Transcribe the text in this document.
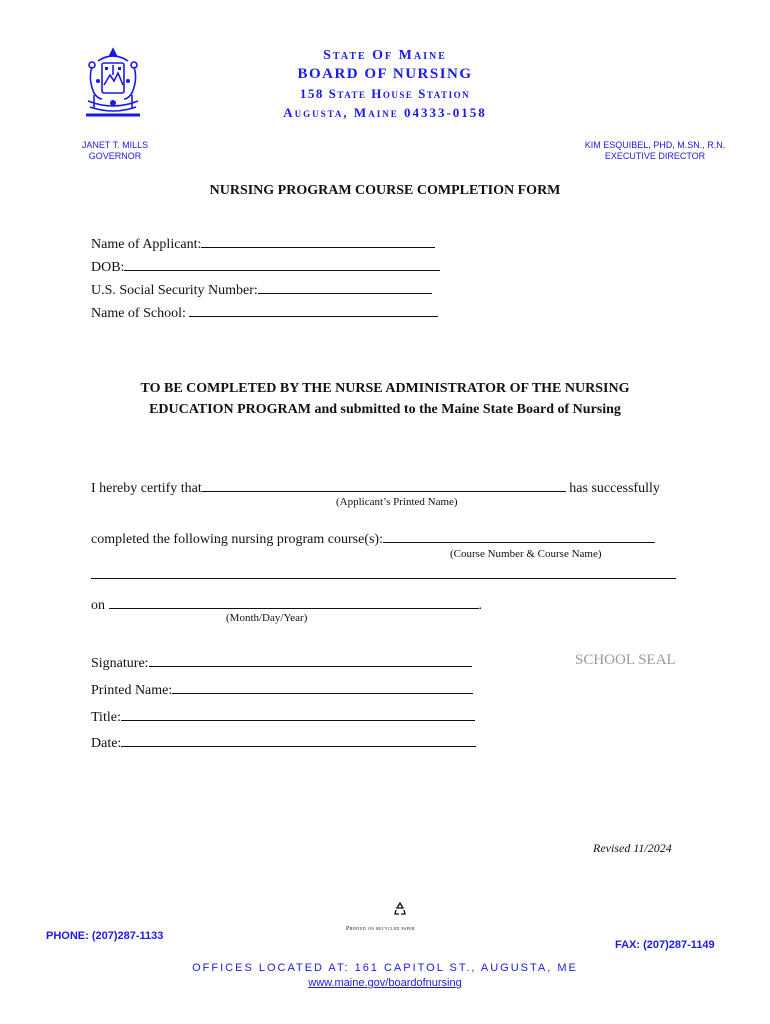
State Of Maine
BOARD OF NURSING
158 State House Station
Augusta, Maine 04333-0158
JANET T. MILLS
GOVERNOR
KIM ESQUIBEL, PHD, M.SN., R.N.
EXECUTIVE DIRECTOR
NURSING PROGRAM COURSE COMPLETION FORM
Name of Applicant:
DOB:
U.S. Social Security Number:
Name of School:
TO BE COMPLETED BY THE NURSE ADMINISTRATOR OF THE NURSING
EDUCATION PROGRAM and submitted to the Maine State Board of Nursing
I hereby certify that	has successfully
(Applicant’s Printed Name)
completed the following nursing program course(s):
(Course Number & Course Name)
on	.
(Month/Day/Year)
Signature:
Printed Name:
Title:
Date:
SCHOOL SEAL
Revised 11/2024
Printed on recycled paper
PHONE: (207)287-1133
FAX: (207)287-1149
OFFICES LOCATED AT: 161 CAPITOL ST., AUGUSTA, ME
www.maine.gov/boardofnursing
